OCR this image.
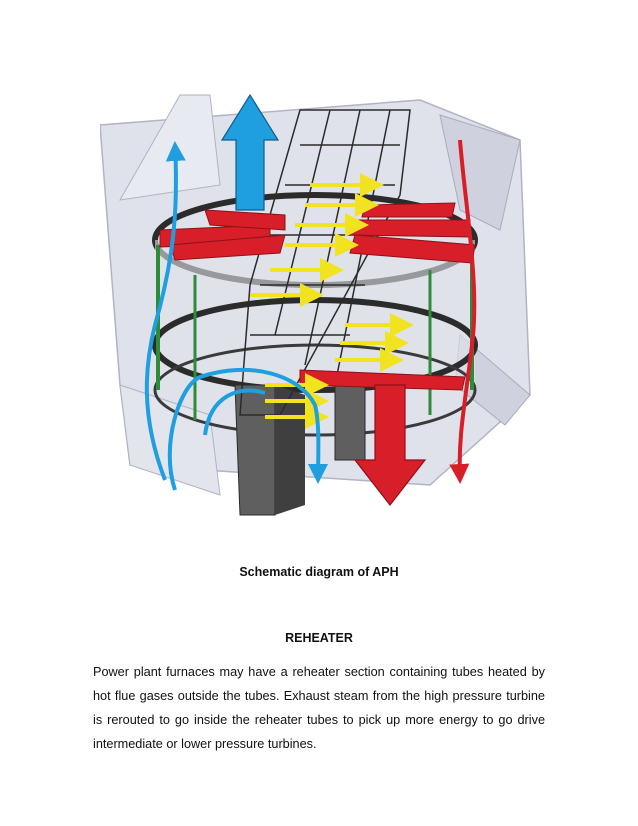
Schematic diagram of APH
REHEATER
Power plant furnaces may have a reheater section containing tubes heated by hot flue gases outside the tubes. Exhaust steam from the high pressure turbine is rerouted to go inside the reheater tubes to pick up more energy to go drive intermediate or lower pressure turbines.
